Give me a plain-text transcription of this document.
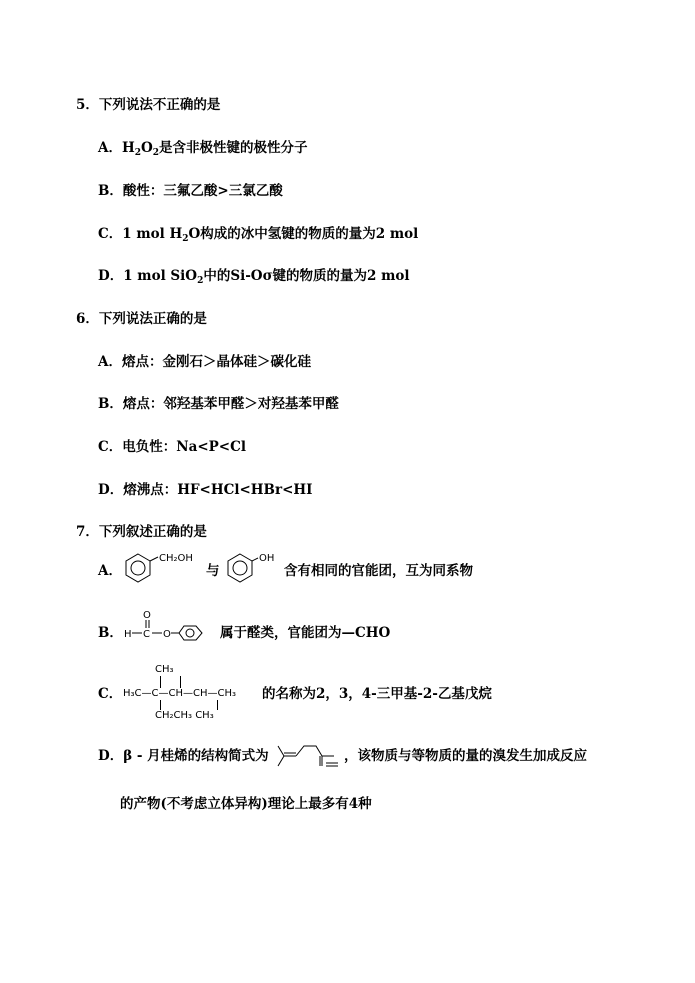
5．下列说法不正确的是
A．$H_2O_2$是含非极性键的极性分子
B．酸性：三氟乙酸>三氯乙酸
C．1 mol $H_2O$构成的冰中氢键的物质的量为2 mol
D．1 mol SiO$_2$中的Si-Oσ键的物质的量为2 mol
6．下列说法正确的是
A．熔点：金刚石＞晶体硅＞碳化硅
B．熔点：邻羟基苯甲醛＞对羟基苯甲醛
C．电负性：Na<P<Cl
D．熔沸点：HF<HCl<HBr<HI
7．下列叙述正确的是
A．
CH₂OH
与
OH
含有相同的官能团，互为同系物
B． H C
O
O	属于醛类，官能团为—CHO
C．
CH₃
H₃C—C—CH—CH—CH₃
CH₂CH₃ CH₃
的名称为2，3，4-三甲基-2-乙基戊烷
D．β - 月桂烯的结构简式为	，该物质与等物质的量的溴发生加成反应
的产物(不考虑立体异构)理论上最多有4种
